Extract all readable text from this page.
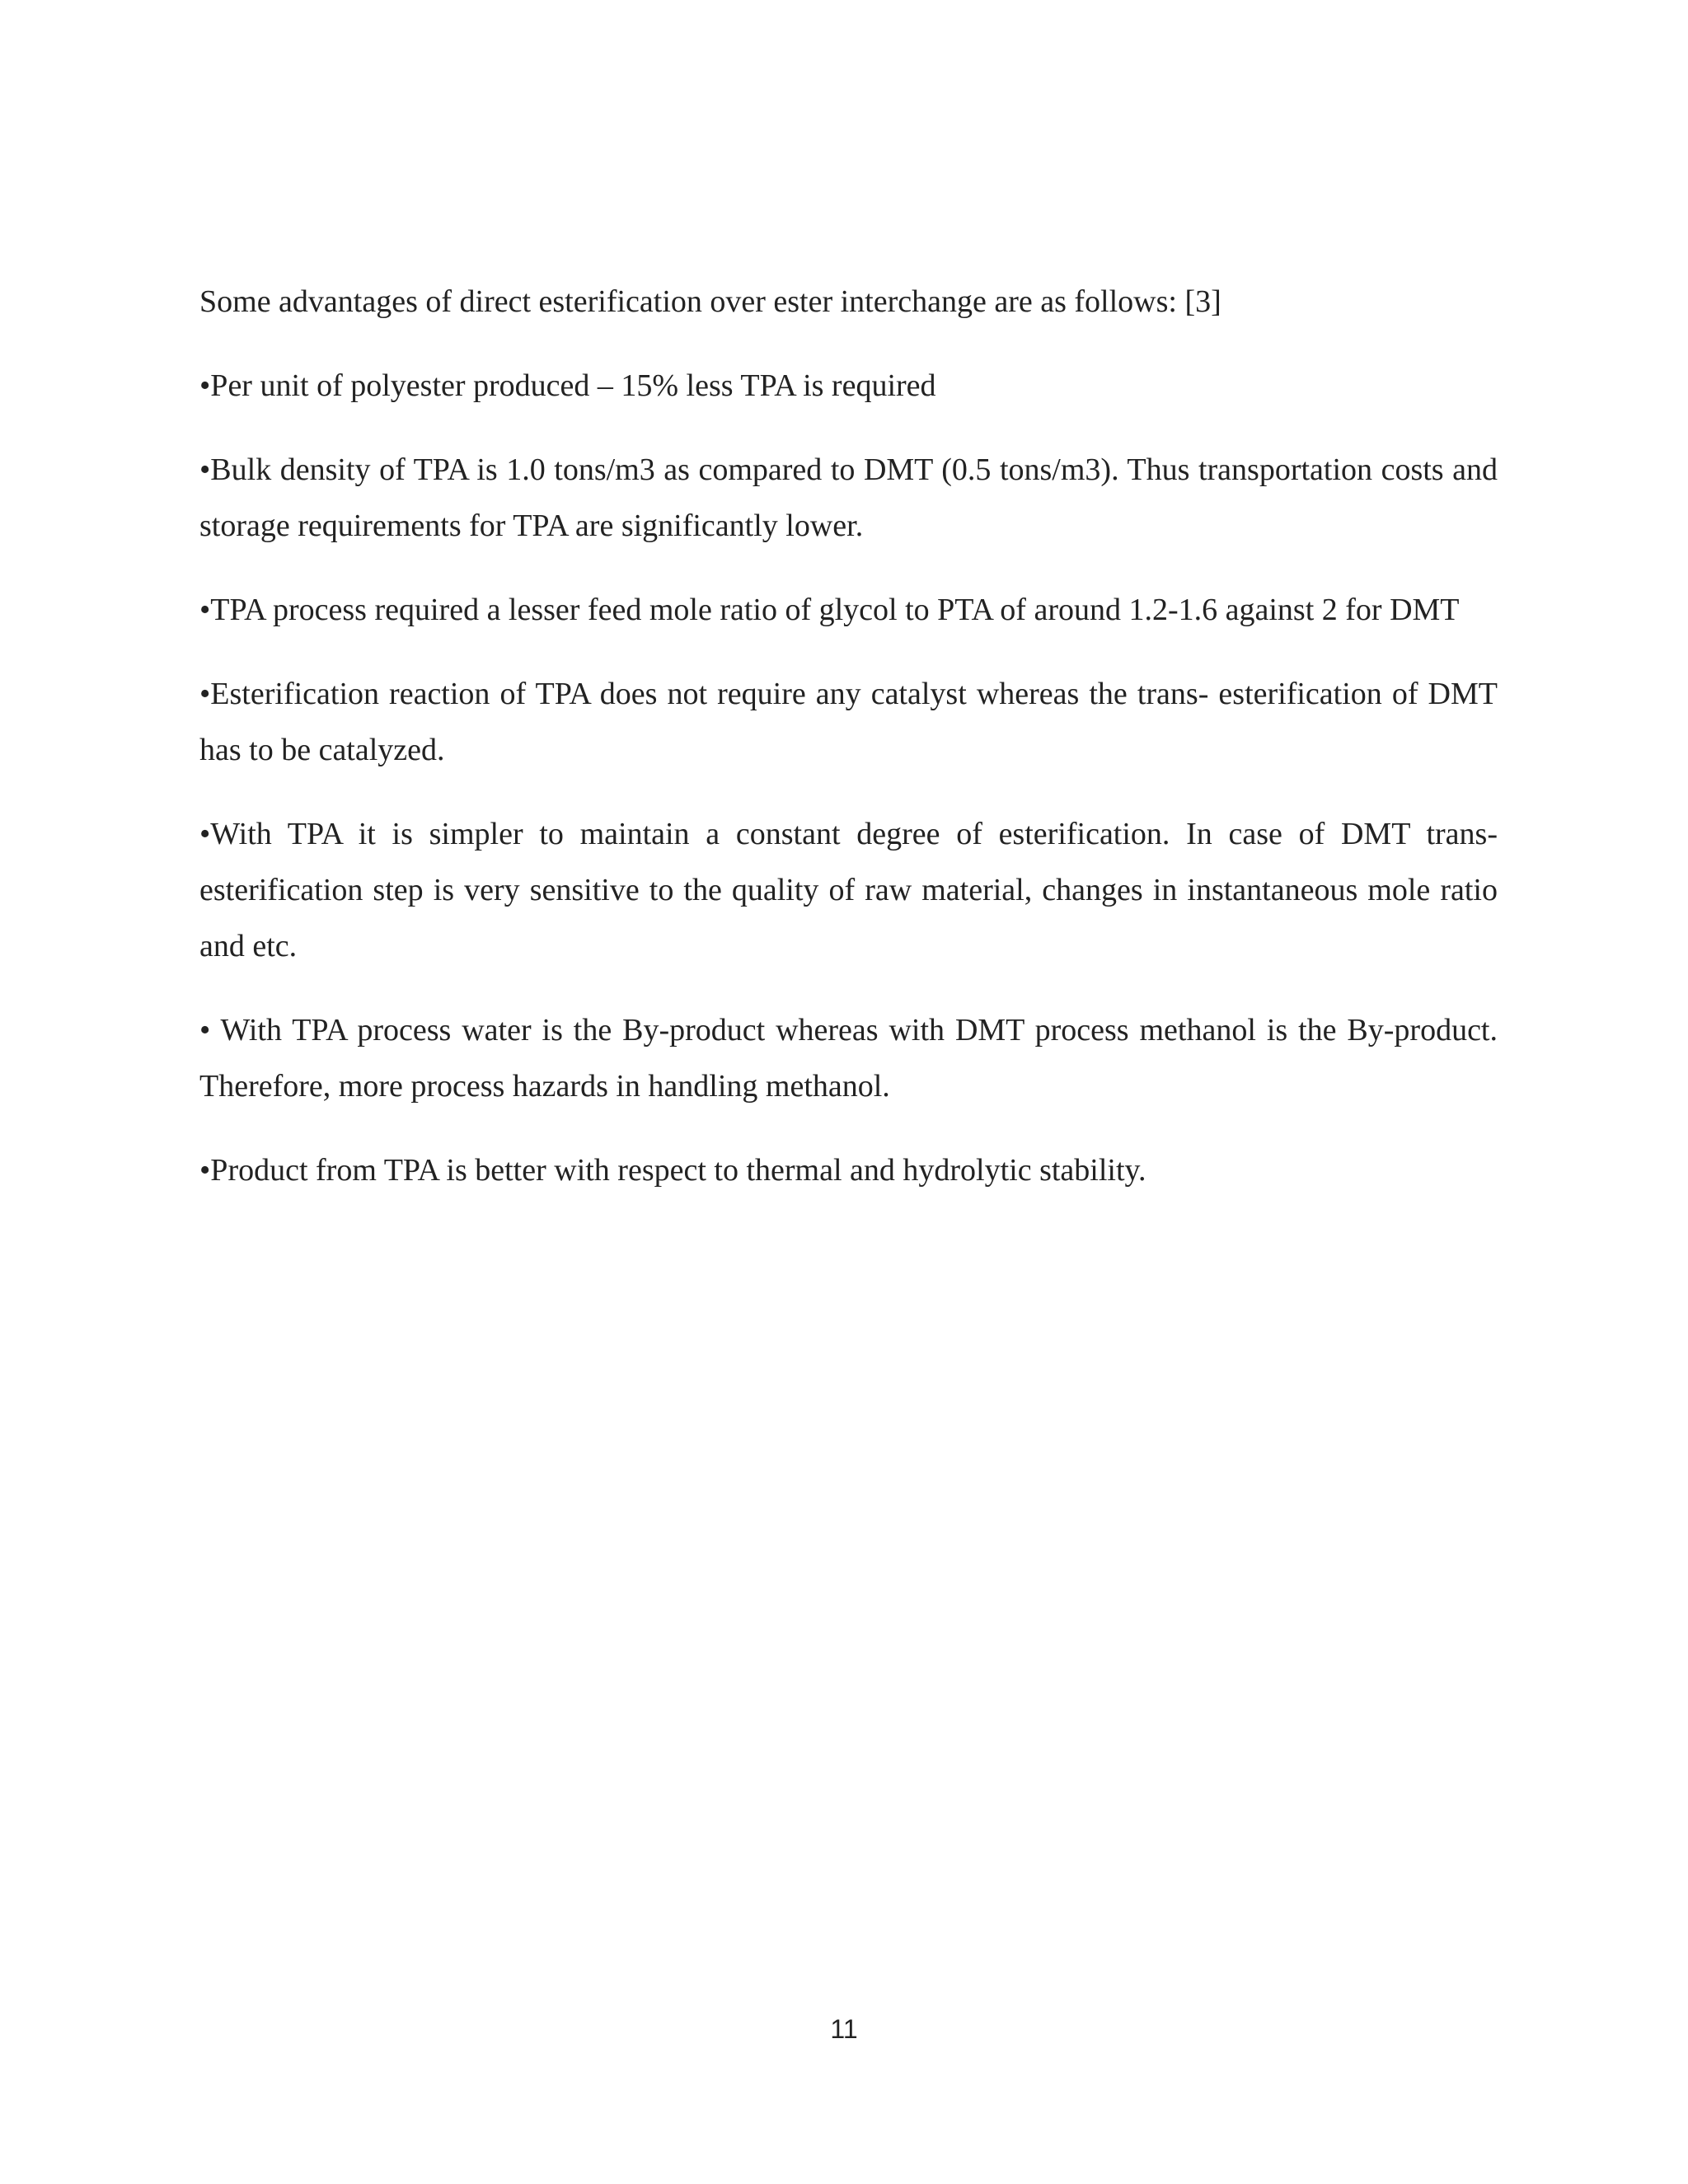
Some advantages of direct esterification over ester interchange are as follows: [3]

•Per unit of polyester produced – 15% less TPA is required

•Bulk density of TPA is 1.0 tons/m3 as compared to DMT (0.5 tons/m3). Thus transportation costs and storage requirements for TPA are significantly lower.

•TPA process required a lesser feed mole ratio of glycol to PTA of around 1.2-1.6 against 2 for DMT

•Esterification reaction of TPA does not require any catalyst whereas the trans- esterification of DMT has to be catalyzed.

•With TPA it is simpler to maintain a constant degree of esterification. In case of DMT trans-esterification step is very sensitive to the quality of raw material, changes in instantaneous mole ratio and etc.

• With TPA process water is the By-product whereas with DMT process methanol is the By-product. Therefore, more process hazards in handling methanol.

•Product from TPA is better with respect to thermal and hydrolytic stability.

11
